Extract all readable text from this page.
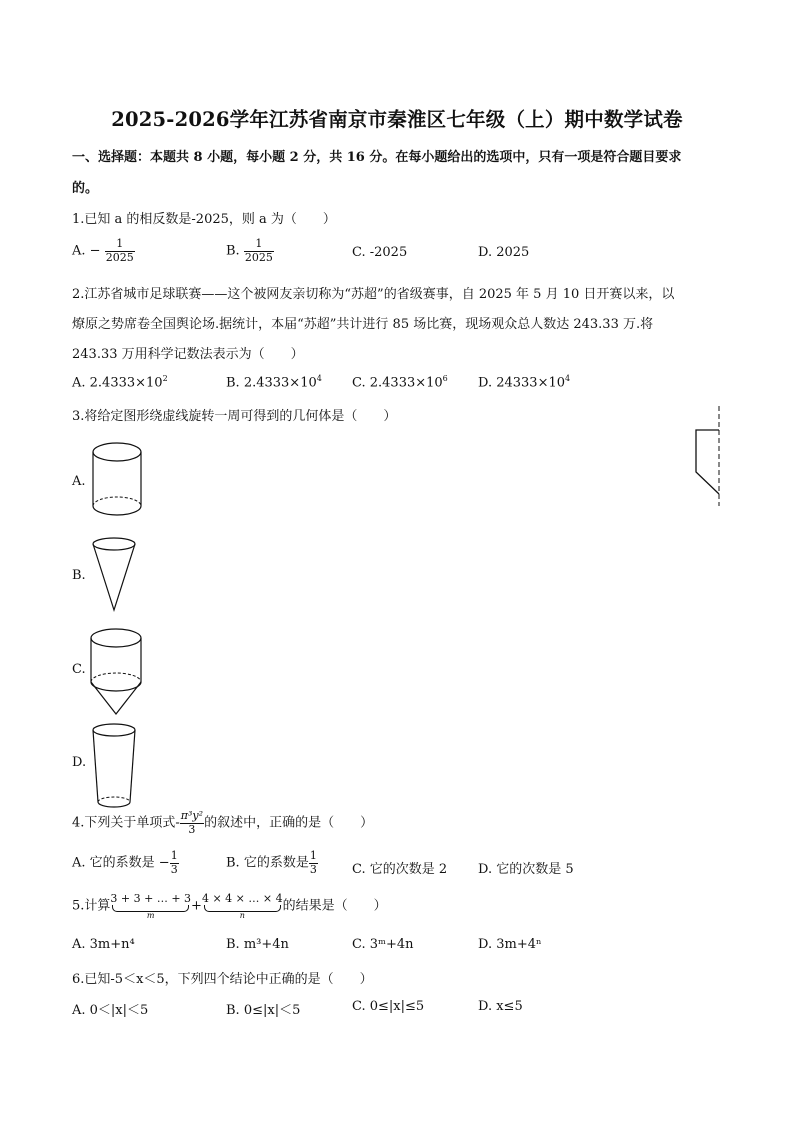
2025-2026学年江苏省南京市秦淮区七年级（上）期中数学试卷
一、选择题：本题共 8 小题，每小题 2 分，共 16 分。在每小题给出的选项中，只有一项是符合题目要求
的。
1.已知 a 的相反数是-2025，则 a 为（　　）
A. − $\frac{1}{2025}$	B. $\frac{1}{2025}$	C. -2025	D. 2025
2.江苏省城市足球联赛——这个被网友亲切称为“苏超”的省级赛事，自 2025 年 5 月 10 日开赛以来，以
燎原之势席卷全国舆论场.据统计，本届“苏超”共计进行 85 场比赛，现场观众总人数达 243.33 万.将
243.33 万用科学记数法表示为（　　）
A. $2.4333\times 10^2$	B. $2.4333\times 10^4$ C. $2.4333\times 10^6$ D. $24333\times 10^4$
3.将给定图形绕虚线旋转一周可得到的几何体是（　　）
A.
B.
C.
D.
4.下列关于单项式- $\frac{\text{π³y²}}{3}$ 的叙述中，正确的是（　　）
A. 它的系数是 − $\frac{1}{3}$	B. 它的系数是 $\frac{1}{3}$	C. 它的次数是 2 D. 它的次数是 5
5.计算 3 + 3 + … + 3
m
+ 4 × 4 × … × 4
n
的结果是（　　）
A. 3m+n⁴	B. m³+4n	C. 3ᵐ+4n	D. 3m+4ⁿ
6.已知-5＜x＜5，下列四个结论中正确的是（　　）
A. 0＜|x|＜5	B. 0≤|x|＜5	C. 0≤|x|≤5	D. x≤5
